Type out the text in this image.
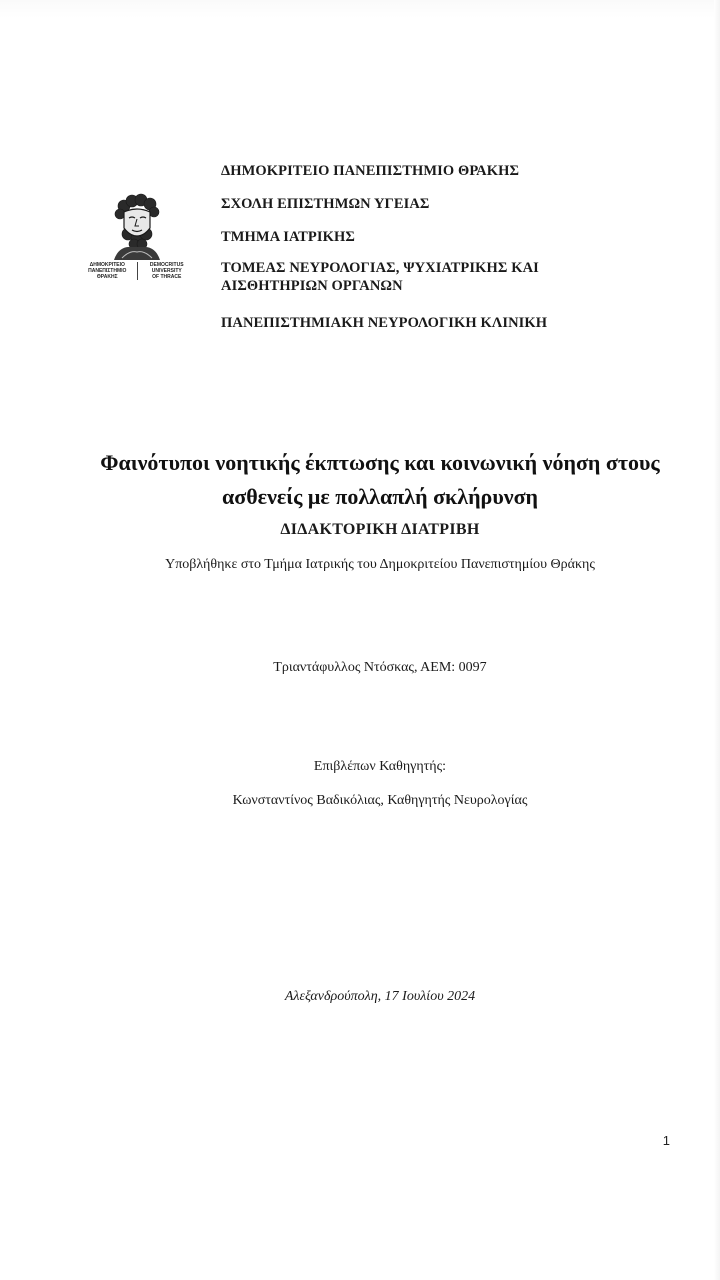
ΔΗΜΟΚΡΙΤΕΙΟ
ΠΑΝΕΠΙΣΤΗΜΙΟ
ΘΡΑΚΗΣ
DEMOCRITUS
UNIVERSITY
OF THRACE
ΔΗΜΟΚΡΙΤΕΙΟ ΠΑΝΕΠΙΣΤΗΜΙΟ ΘΡΑΚΗΣ
ΣΧΟΛΗ ΕΠΙΣΤΗΜΩΝ ΥΓΕΙΑΣ
ΤΜΗΜΑ ΙΑΤΡΙΚΗΣ
ΤΟΜΕΑΣ ΝΕΥΡΟΛΟΓΙΑΣ, ΨΥΧΙΑΤΡΙΚΗΣ ΚΑΙ ΑΙΣΘΗΤΗΡΙΩΝ ΟΡΓΑΝΩΝ
ΠΑΝΕΠΙΣΤΗΜΙΑΚΗ ΝΕΥΡΟΛΟΓΙΚΗ ΚΛΙΝΙΚΗ
Φαινότυποι νοητικής έκπτωσης και κοινωνική νόηση στους ασθενείς με πολλαπλή σκλήρυνση
ΔΙΔΑΚΤΟΡΙΚΗ ΔΙΑΤΡΙΒΗ
Υποβλήθηκε στο Τμήμα Ιατρικής του Δημοκριτείου Πανεπιστημίου Θράκης
Τριαντάφυλλος Ντόσκας, ΑΕΜ: 0097
Επιβλέπων Καθηγητής:
Κωνσταντίνος Βαδικόλιας, Καθηγητής Νευρολογίας
Αλεξανδρούπολη, 17 Ιουλίου 2024
1
